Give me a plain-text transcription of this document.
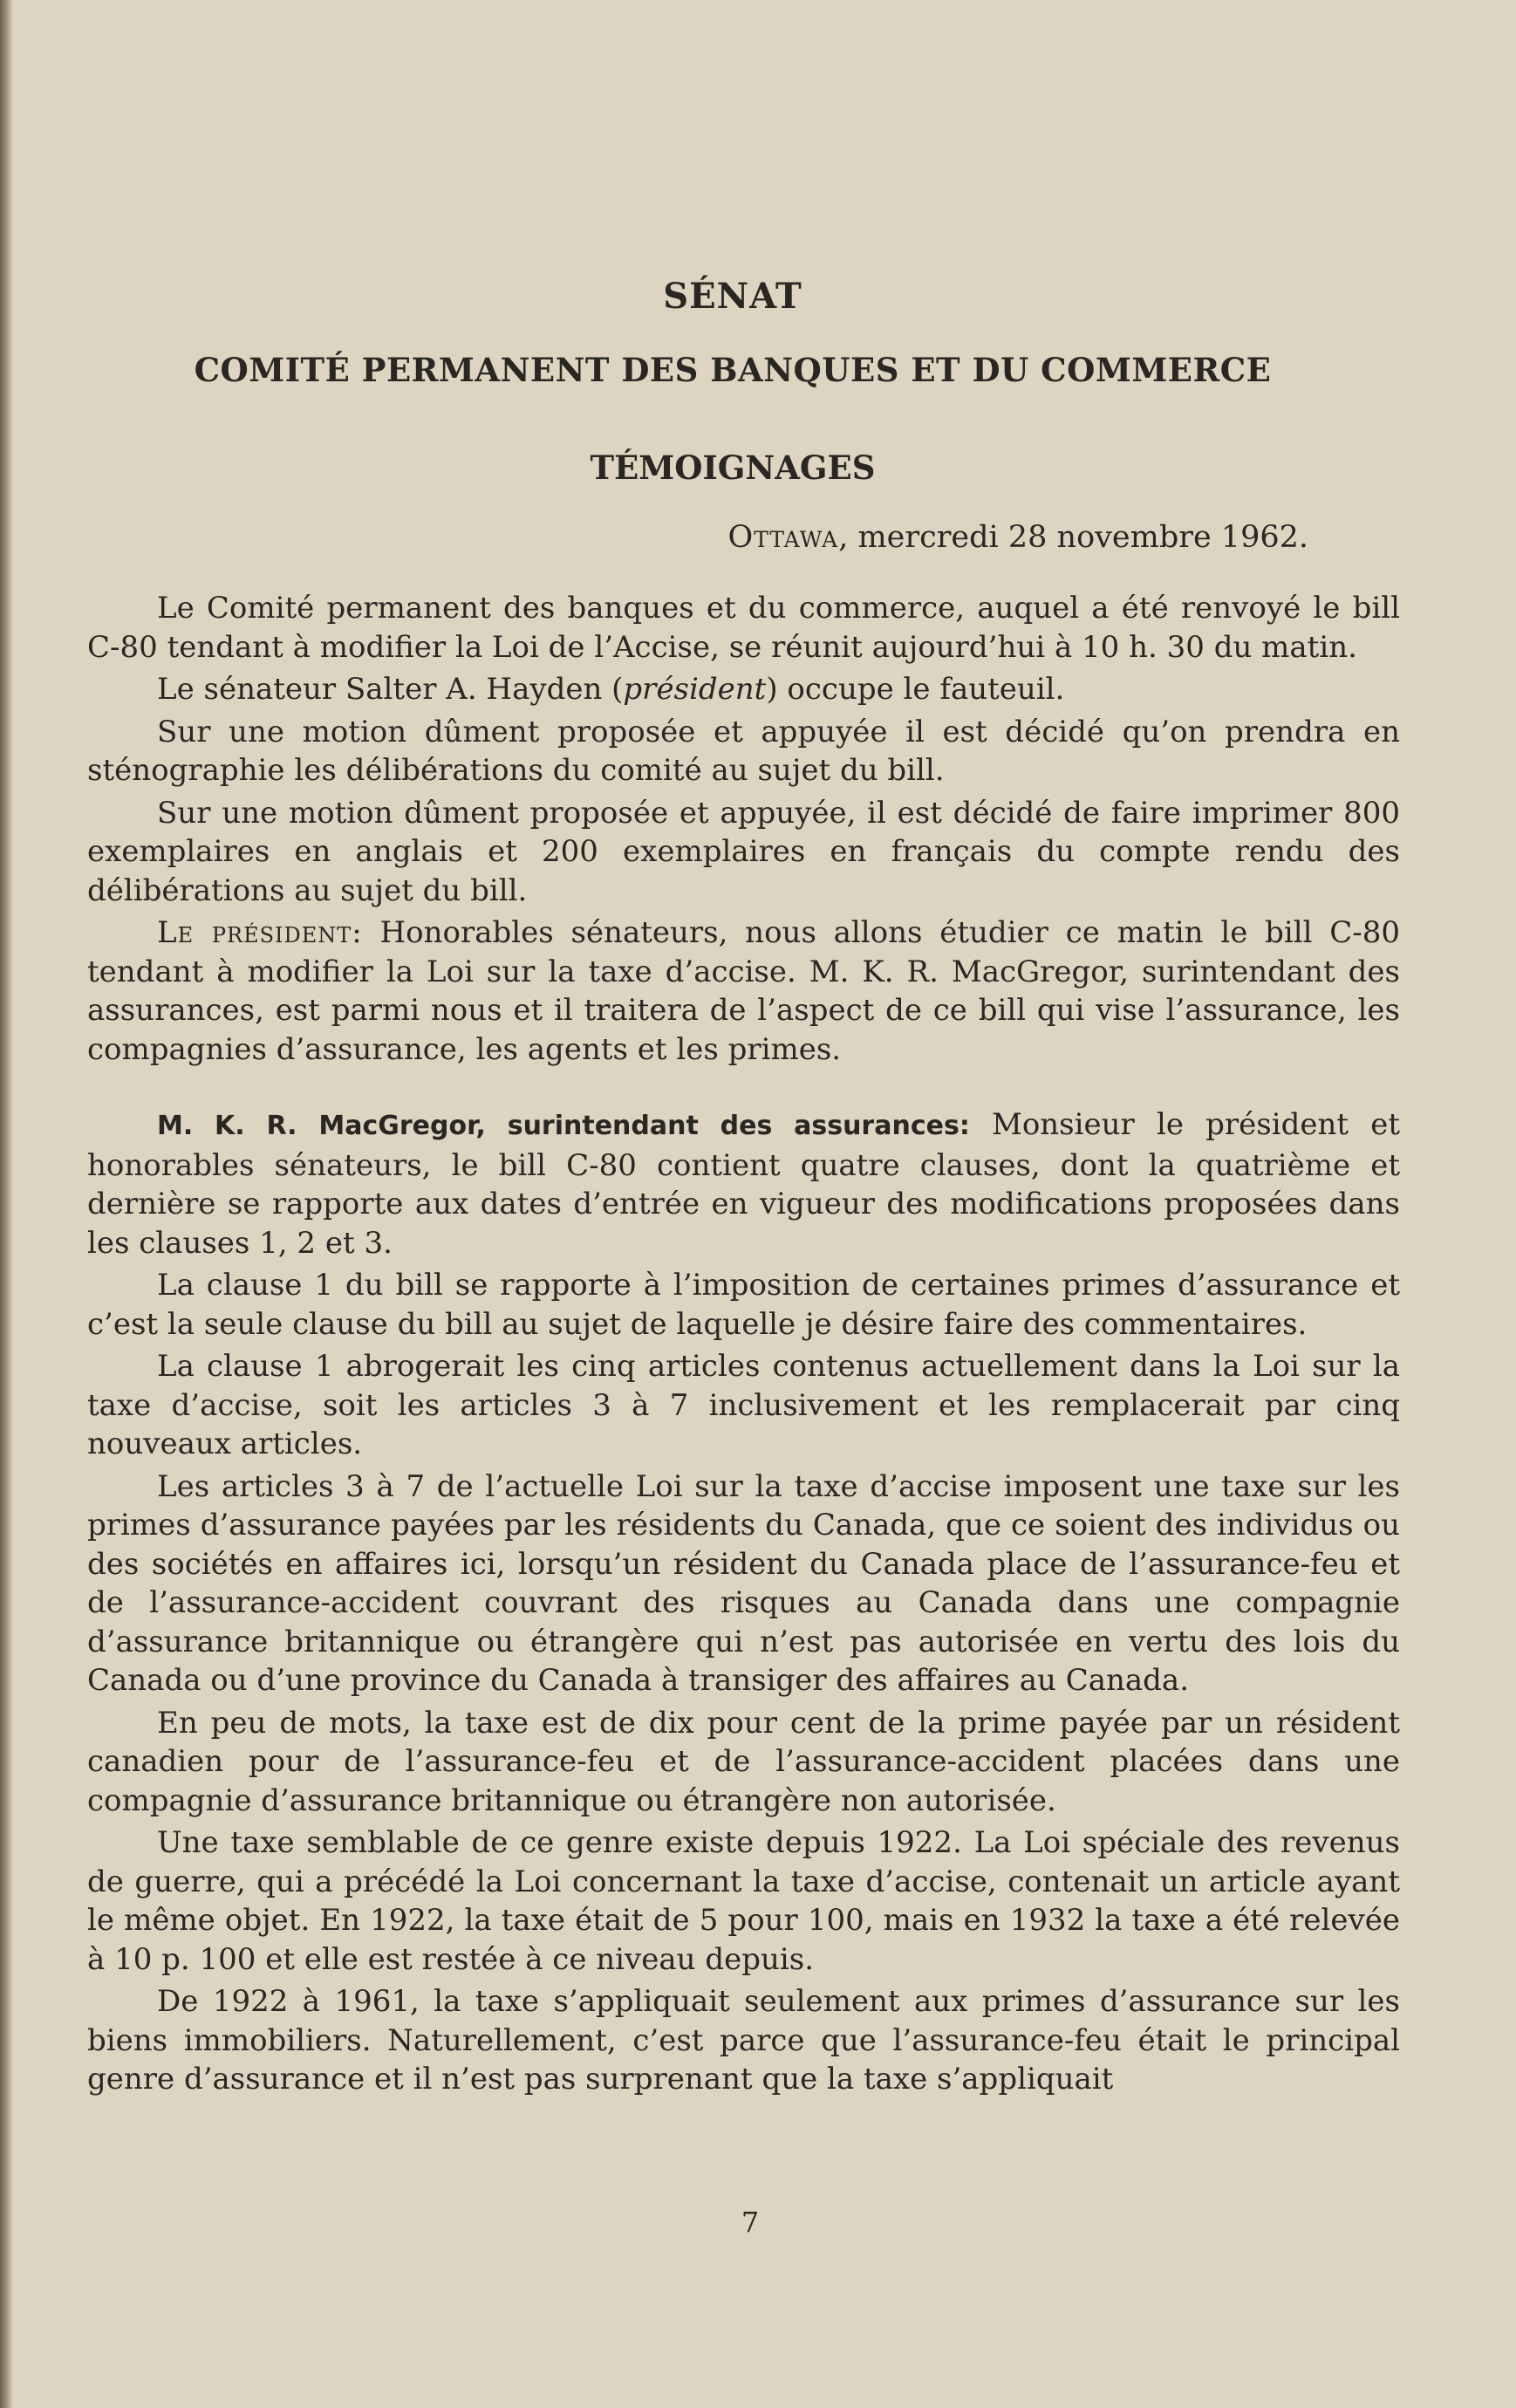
SÉNAT
COMITÉ PERMANENT DES BANQUES ET DU COMMERCE
TÉMOIGNAGES
Ottawa, mercredi 28 novembre 1962.

Le Comité permanent des banques et du commerce, auquel a été renvoyé le bill C-80 tendant à modifier la Loi de l’Accise, se réunit aujourd’hui à 10 h. 30 du matin.

Le sénateur Salter A. Hayden (président) occupe le fauteuil.

Sur une motion dûment proposée et appuyée il est décidé qu’on prendra en sténographie les délibérations du comité au sujet du bill.

Sur une motion dûment proposée et appuyée, il est décidé de faire imprimer 800 exemplaires en anglais et 200 exemplaires en français du compte rendu des délibérations au sujet du bill.

Le président: Honorables sénateurs, nous allons étudier ce matin le bill C-80 tendant à modifier la Loi sur la taxe d’accise. M. K. R. MacGregor, surintendant des assurances, est parmi nous et il traitera de l’aspect de ce bill qui vise l’assurance, les compagnies d’assurance, les agents et les primes.

M. K. R. MacGregor, surintendant des assurances: Monsieur le président et honorables sénateurs, le bill C-80 contient quatre clauses, dont la quatrième et dernière se rapporte aux dates d’entrée en vigueur des modifications proposées dans les clauses 1, 2 et 3.

La clause 1 du bill se rapporte à l’imposition de certaines primes d’assurance et c’est la seule clause du bill au sujet de laquelle je désire faire des commentaires.

La clause 1 abrogerait les cinq articles contenus actuellement dans la Loi sur la taxe d’accise, soit les articles 3 à 7 inclusivement et les remplacerait par cinq nouveaux articles.

Les articles 3 à 7 de l’actuelle Loi sur la taxe d’accise imposent une taxe sur les primes d’assurance payées par les résidents du Canada, que ce soient des individus ou des sociétés en affaires ici, lorsqu’un résident du Canada place de l’assurance-feu et de l’assurance-accident couvrant des risques au Canada dans une compagnie d’assurance britannique ou étrangère qui n’est pas autorisée en vertu des lois du Canada ou d’une province du Canada à transiger des affaires au Canada.

En peu de mots, la taxe est de dix pour cent de la prime payée par un résident canadien pour de l’assurance-feu et de l’assurance-accident placées dans une compagnie d’assurance britannique ou étrangère non autorisée.

Une taxe semblable de ce genre existe depuis 1922. La Loi spéciale des revenus de guerre, qui a précédé la Loi concernant la taxe d’accise, contenait un article ayant le même objet. En 1922, la taxe était de 5 pour 100, mais en 1932 la taxe a été relevée à 10 p. 100 et elle est restée à ce niveau depuis.

De 1922 à 1961, la taxe s’appliquait seulement aux primes d’assurance sur les biens immobiliers. Naturellement, c’est parce que l’assurance-feu était le principal genre d’assurance et il n’est pas surprenant que la taxe s’appliquait

7
